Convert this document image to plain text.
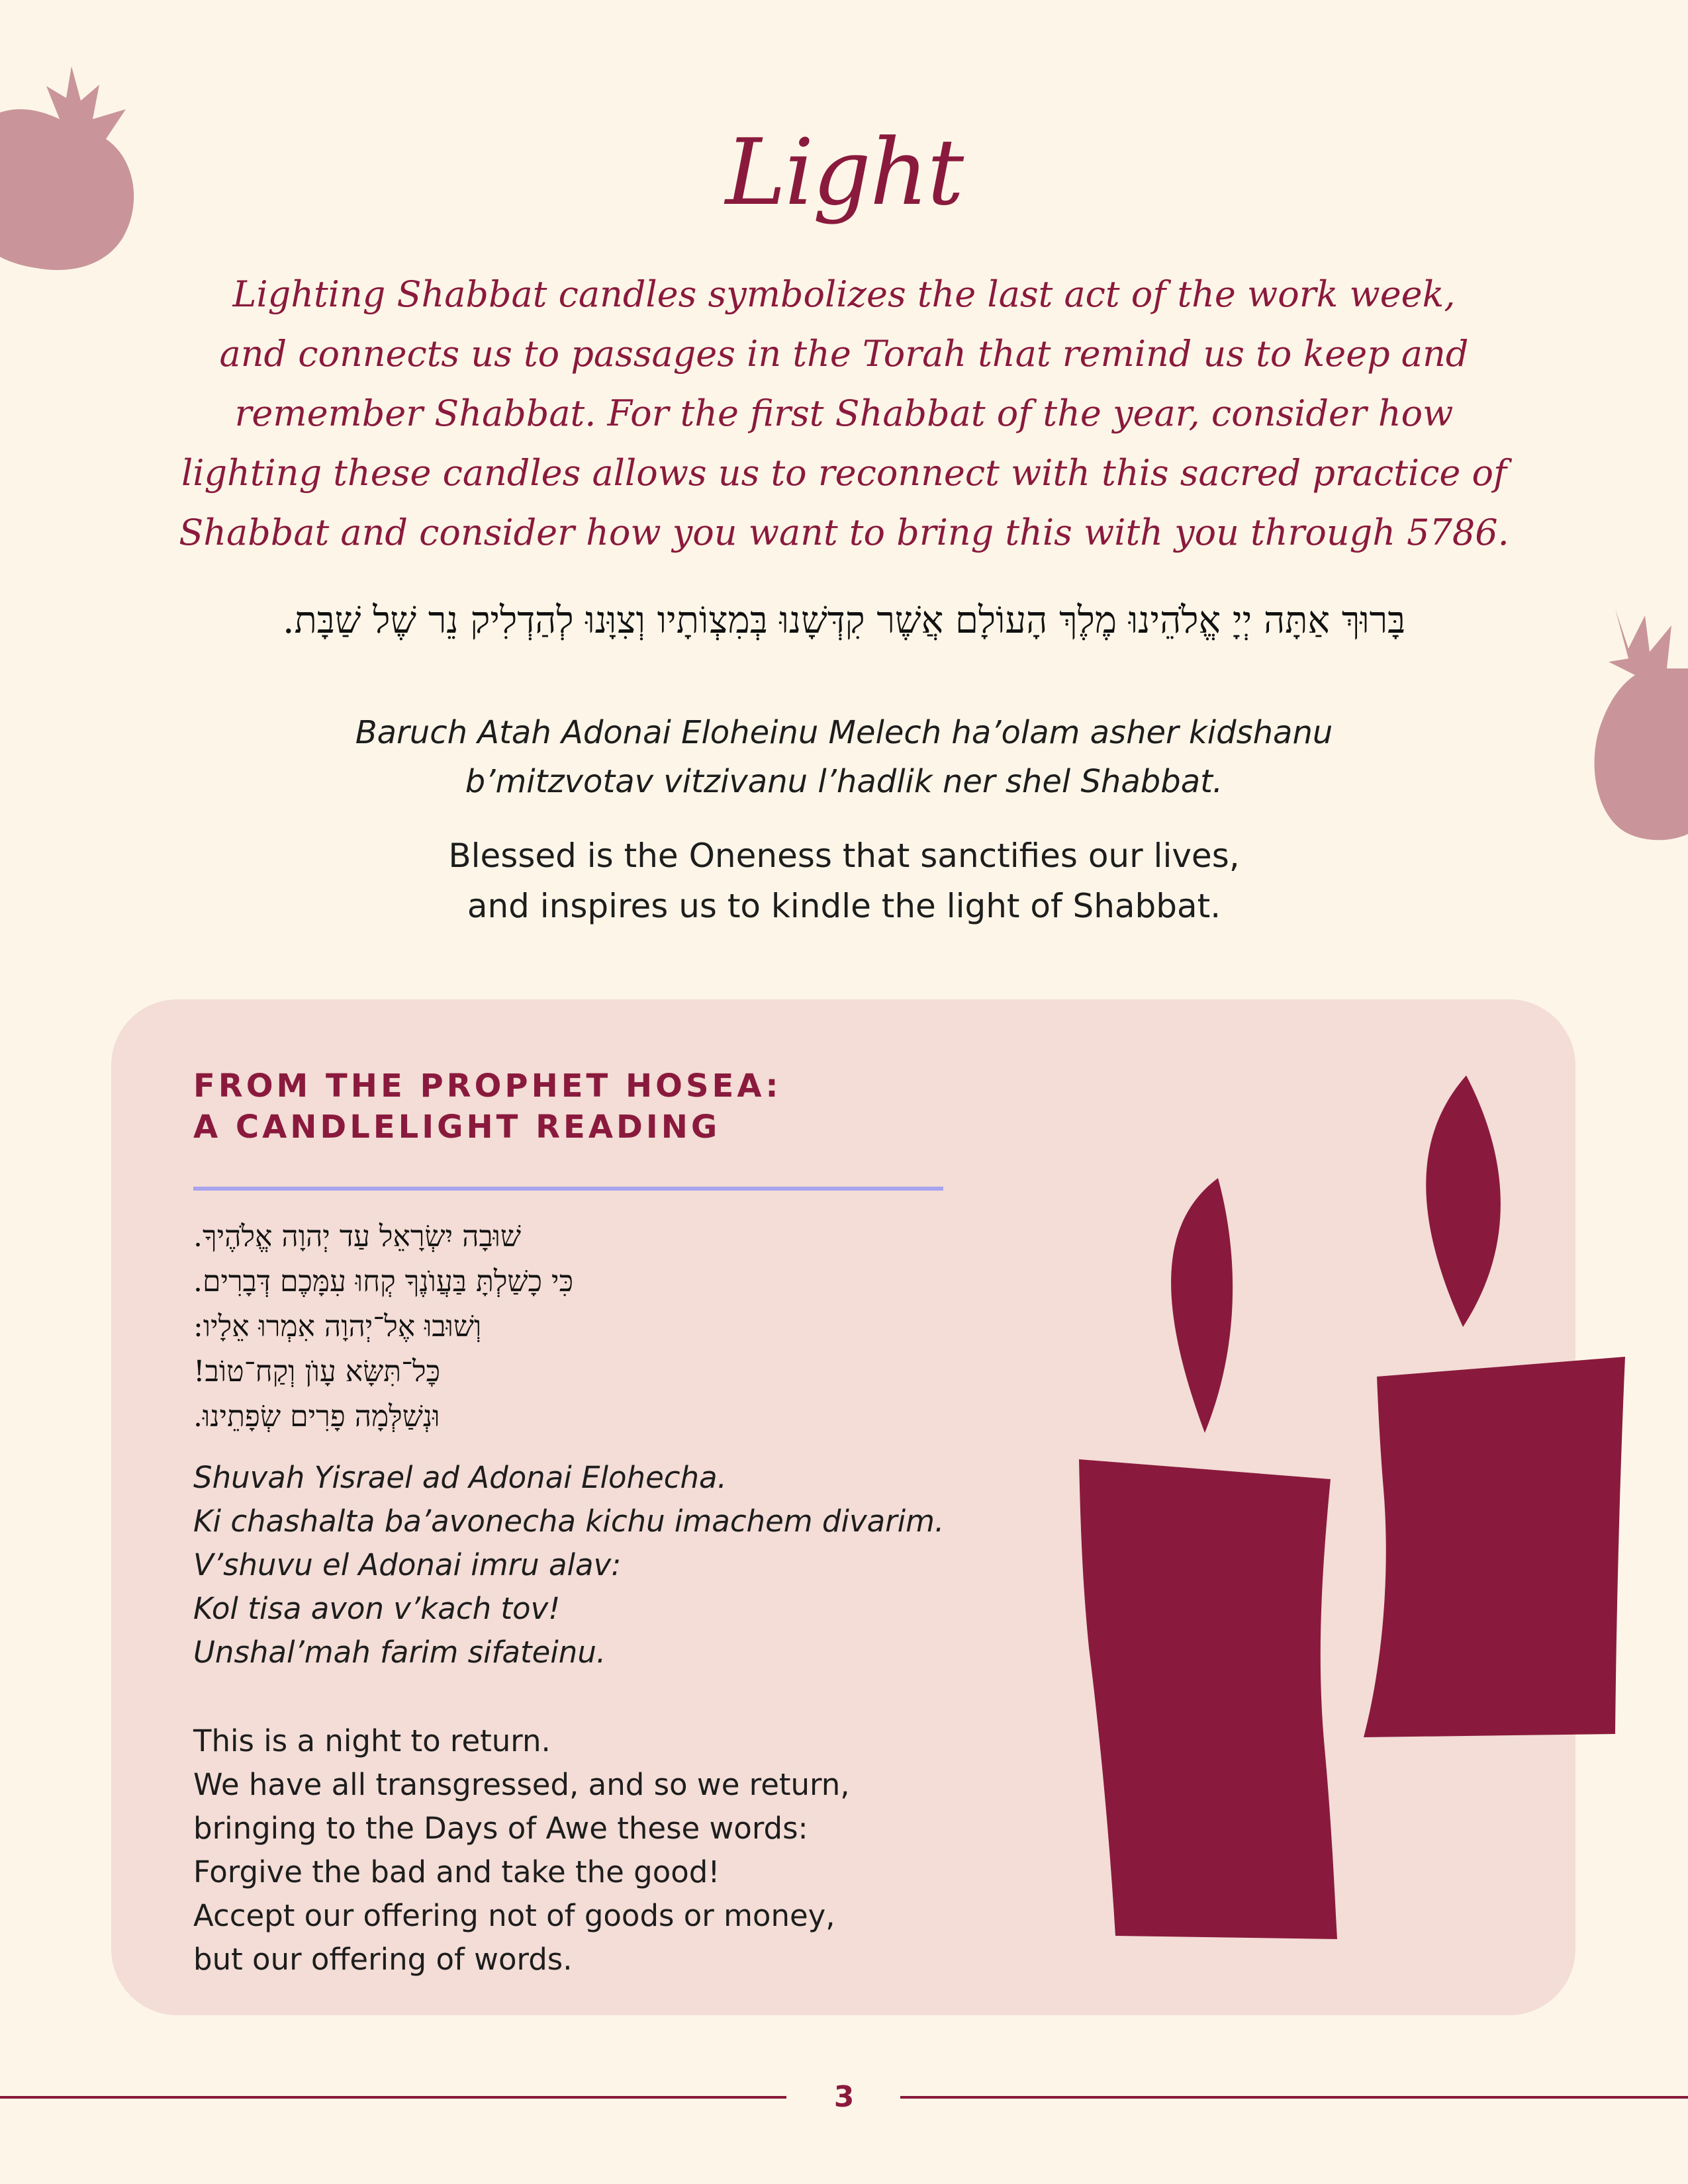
Light
Lighting Shabbat candles symbolizes the last act of the work week,
and connects us to passages in the Torah that remind us to keep and
remember Shabbat. For the first Shabbat of the year, consider how
lighting these candles allows us to reconnect with this sacred practice of
Shabbat and consider how you want to bring this with you through 5786.
בָּרוּךְ אַתָּה יְיָ אֱלֹהֵינוּ מֶלֶךְ הָעוֹלָם אֲשֶׁר קִדְּשָׁנוּ בְּמִצְוֹתָיו וְצִוָּנוּ לְהַדְלִיק נֵר שֶׁל שַׁבָּת.
Baruch Atah Adonai Eloheinu Melech ha’olam asher kidshanu
b’mitzvotav vitzivanu l’hadlik ner shel Shabbat.
Blessed is the Oneness that sanctifies our lives,
and inspires us to kindle the light of Shabbat.
FROM THE PROPHET HOSEA:
A CANDLELIGHT READING
שׁוּבָה יִשְׂרָאֵל עַד יְהוָה אֱלֹהֶיךָ.
כִּי כָשַׁלְתָּ בַּעֲוֺנֶךָ קְחוּ עִמָּכֶם דְּבָרִים.
וְשׁוּבוּ אֶל־יְהוָה אִמְרוּ אֵלָיו:
כׇּל־תִּשָּׂא עָוֺן וְקַח־טוֹב!
וּנְשַׁלְּמָה פָרִים שְׂפָתֵינוּ.
Shuvah Yisrael ad Adonai Elohecha.
Ki chashalta ba’avonecha kichu imachem divarim.
V’shuvu el Adonai imru alav:
Kol tisa avon v’kach tov!
Unshal’mah farim sifateinu.
This is a night to return.
We have all transgressed, and so we return,
bringing to the Days of Awe these words:
Forgive the bad and take the good!
Accept our offering not of goods or money,
but our offering of words.
3
